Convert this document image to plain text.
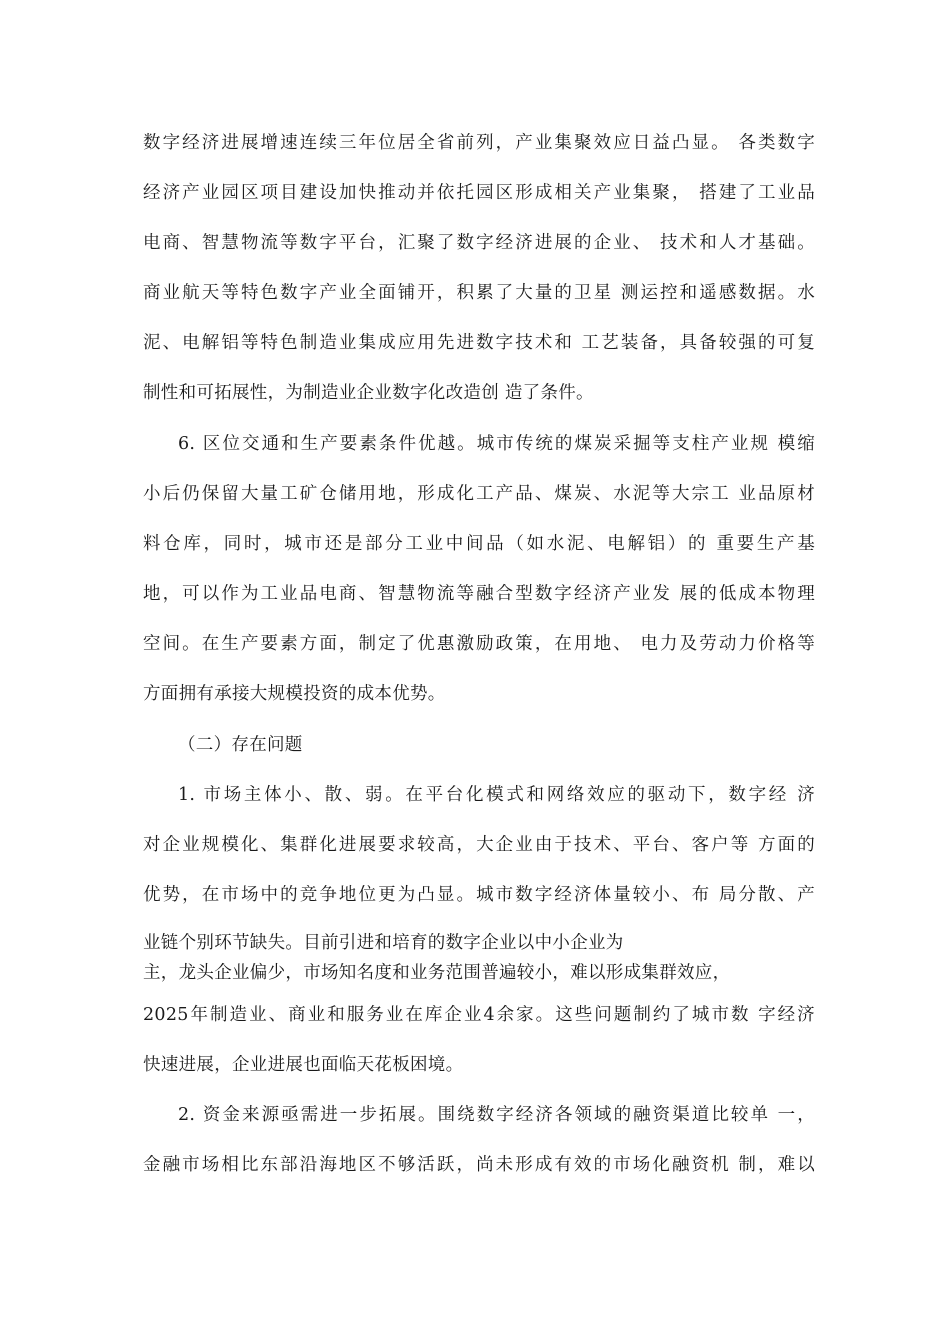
数字经济进展增速连续三年位居全省前列，产业集聚效应日益凸显。 各类数字
经济产业园区项目建设加快推动并依托园区形成相关产业集聚， 搭建了工业品
电商、智慧物流等数字平台，汇聚了数字经济进展的企业、 技术和人才基础。
商业航天等特色数字产业全面铺开，积累了大量的卫星 测运控和遥感数据。水
泥、电解铝等特色制造业集成应用先进数字技术和 工艺装备，具备较强的可复
制性和可拓展性，为制造业企业数字化改造创 造了条件。
6. 区位交通和生产要素条件优越。城市传统的煤炭采掘等支柱产业规 模缩
小后仍保留大量工矿仓储用地，形成化工产品、煤炭、水泥等大宗工 业品原材
料仓库，同时，城市还是部分工业中间品（如水泥、电解铝）的 重要生产基
地，可以作为工业品电商、智慧物流等融合型数字经济产业发 展的低成本物理
空间。在生产要素方面，制定了优惠激励政策，在用地、 电力及劳动力价格等
方面拥有承接大规模投资的成本优势。
（二）存在问题
1. 市场主体小、散、弱。在平台化模式和网络效应的驱动下，数字经 济
对企业规模化、集群化进展要求较高，大企业由于技术、平台、客户等 方面的
优势，在市场中的竞争地位更为凸显。城市数字经济体量较小、布 局分散、产
业链个别环节缺失。目前引进和培育的数字企业以中小企业为
主，龙头企业偏少，市场知名度和业务范围普遍较小，难以形成集群效应，
2025年制造业、商业和服务业在库企业4余家。这些问题制约了城市数 字经济
快速进展，企业进展也面临天花板困境。
2. 资金来源亟需进一步拓展。围绕数字经济各领域的融资渠道比较单 一，
金融市场相比东部沿海地区不够活跃，尚未形成有效的市场化融资机 制，难以
